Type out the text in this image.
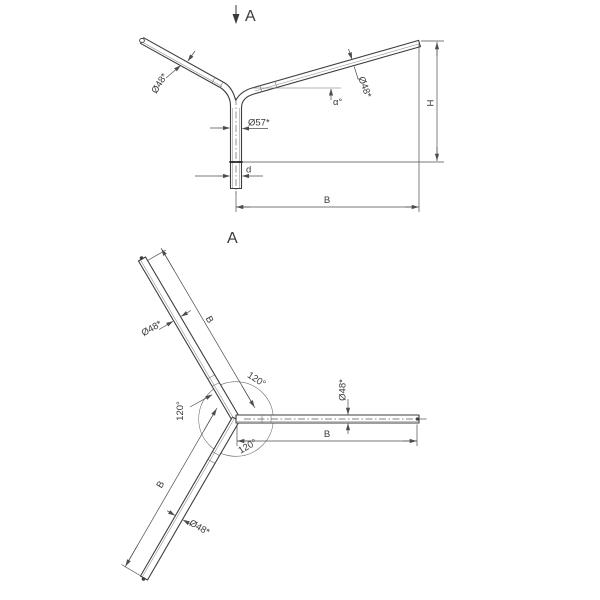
A
Ø48*	Ø48*
α°
Ø57*
d
H
B
A
B
Ø48*
B
Ø48*
Ø48*
B
120°
120°
120°
